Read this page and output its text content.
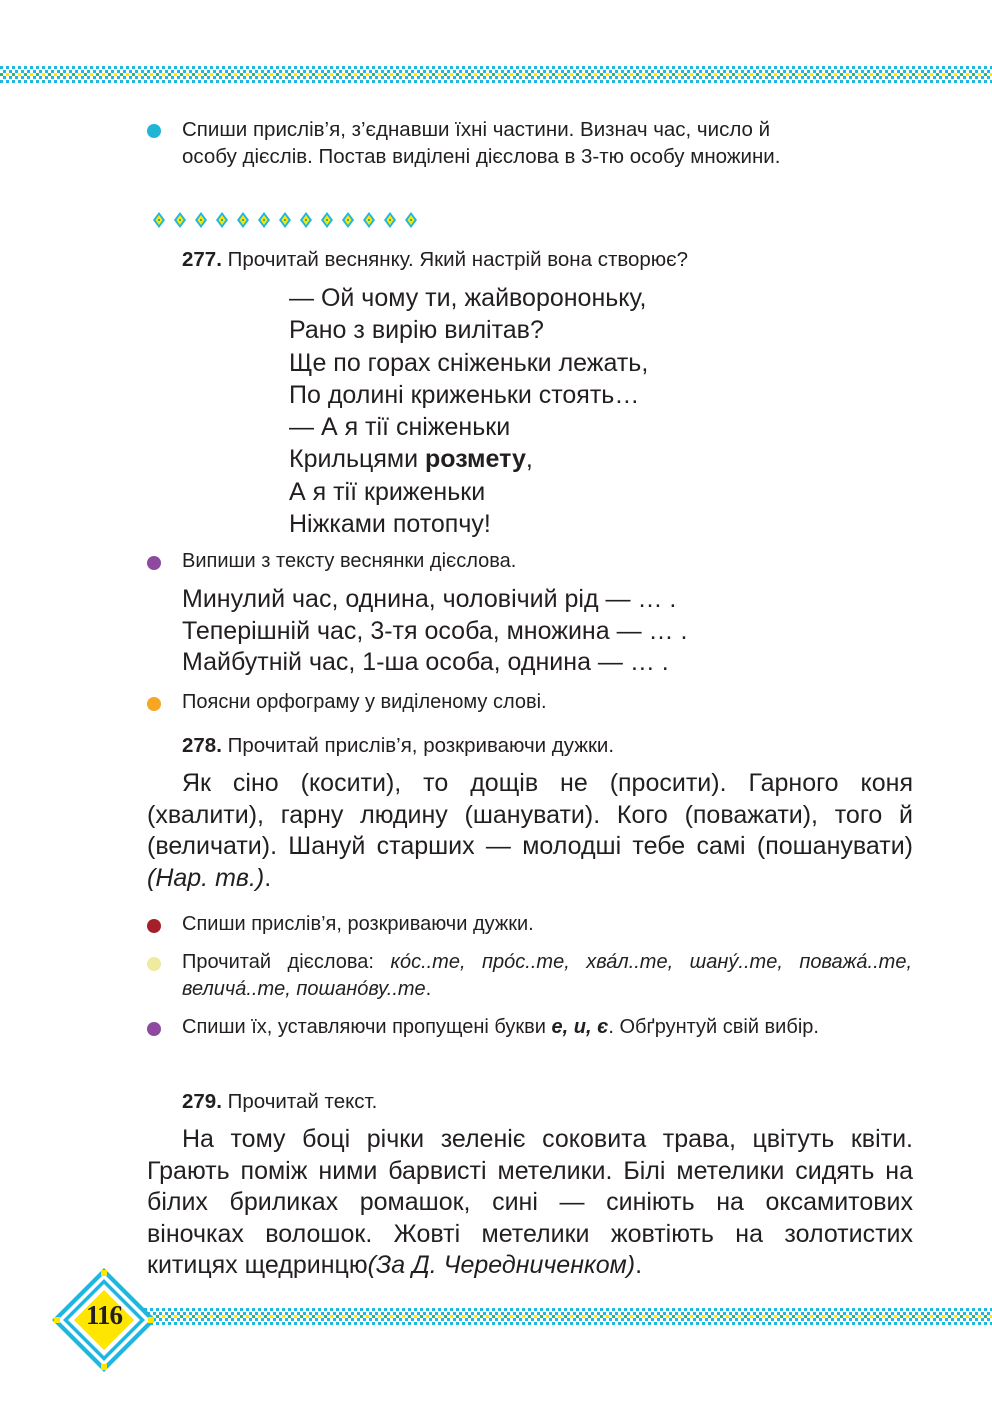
Спиши прислів’я, з’єднавши їхні частини. Визнач час, число й
особу дієслів. Постав виділені дієслова в 3-тю особу множини.
277. Прочитай веснянку. Який настрій вона створює?
— Ой чому ти, жайворононьку,
Рано з вирію вилітав?
Ще по горах сніженьки лежать,
По долині криженьки стоять…
— А я тії сніженьки
Крильцями розмету,
А я тії криженьки
Ніжками потопчу!
Випиши з тексту веснянки дієслова.
Минулий час, однина, чоловічий рід — … .
Теперішній час, 3-тя особа, множина — … .
Майбутній час, 1-ша особа, однина — … .
Поясни орфограму у виділеному слові.
278. Прочитай прислів’я, розкриваючи дужки.
Як сіно (косити), то дощів не (просити). Гарного коня (хвалити), гарну людину (шанувати). Кого (поважати), того й (величати). Шануй старших — молодші тебе самі (пошанувати) (Нар. тв.).
Спиши прислів’я, розкриваючи дужки.
Прочитай дієслова: ко́с..те, про́с..те, хва́л..те, шану́..те, поважа́..те, велича́..те, пошано́ву..те.
Спиши їх, уставляючи пропущені букви е, и, є. Обґрунтуй свій вибір.
279. Прочитай текст.
На тому боці річки зеленіє соковита трава, цвітуть квіти. Грають поміж ними барвисті метелики. Білі метелики сидять на білих бриликах ромашок, сині — синіють на оксамитових віночках волошок. Жовті метелики жовтіють на золотистих китицях щедринцю(За Д. Чередниченком).
116
